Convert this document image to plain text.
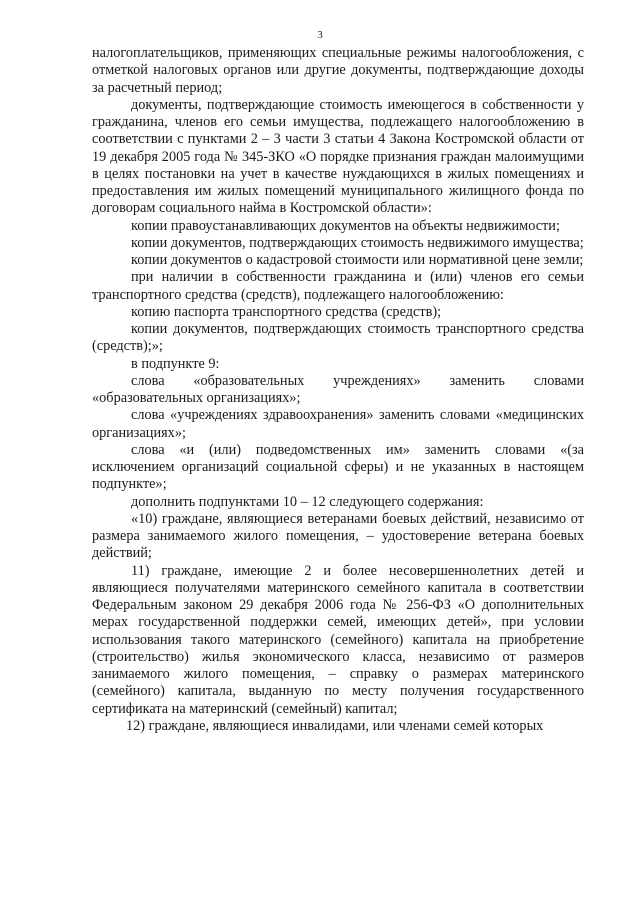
3

налогоплательщиков, применяющих специальные режимы налогообложения, с отметкой налоговых органов или другие документы, подтверждающие доходы за расчетный период;

документы, подтверждающие стоимость имеющегося в собственности у гражданина, членов его семьи имущества, подлежащего налогообложению в соответствии с пунктами 2 – 3 части 3 статьи 4 Закона Костромской области от 19 декабря 2005 года № 345-ЗКО «О порядке признания граждан малоимущими в целях постановки на учет в качестве нуждающихся в жилых помещениях и предоставления им жилых помещений муниципального жилищного фонда по договорам социального найма в Костромской области»:

копии правоустанавливающих документов на объекты недвижимости;

копии документов, подтверждающих стоимость недвижимого имущества;

копии документов о кадастровой стоимости или нормативной цене земли;

при наличии в собственности гражданина и (или) членов его семьи транспортного средства (средств), подлежащего налогообложению:

копию паспорта транспортного средства (средств);

копии документов, подтверждающих стоимость транспортного средства (средств);»;

в подпункте 9:

слова «образовательных учреждениях» заменить словами «образовательных организациях»;

слова «учреждениях здравоохранения» заменить словами «медицинских организациях»;

слова «и (или) подведомственных им» заменить словами «(за исключением организаций социальной сферы) и не указанных в настоящем подпункте»;

дополнить подпунктами 10 – 12 следующего содержания:

«10) граждане, являющиеся ветеранами боевых действий, независимо от размера занимаемого жилого помещения, – удостоверение ветерана боевых действий;

11) граждане, имеющие 2 и более несовершеннолетних детей и являющиеся получателями материнского семейного капитала в соответствии Федеральным законом 29 декабря 2006 года № 256-ФЗ «О дополнительных мерах государственной поддержки семей, имеющих детей», при условии использования такого материнского (семейного) капитала на приобретение (строительство) жилья экономического класса, независимо от размеров занимаемого жилого помещения, – справку о размерах материнского (семейного) капитала, выданную по месту получения государственного сертификата на материнский (семейный) капитал;

12) граждане, являющиеся инвалидами, или членами семей которых
